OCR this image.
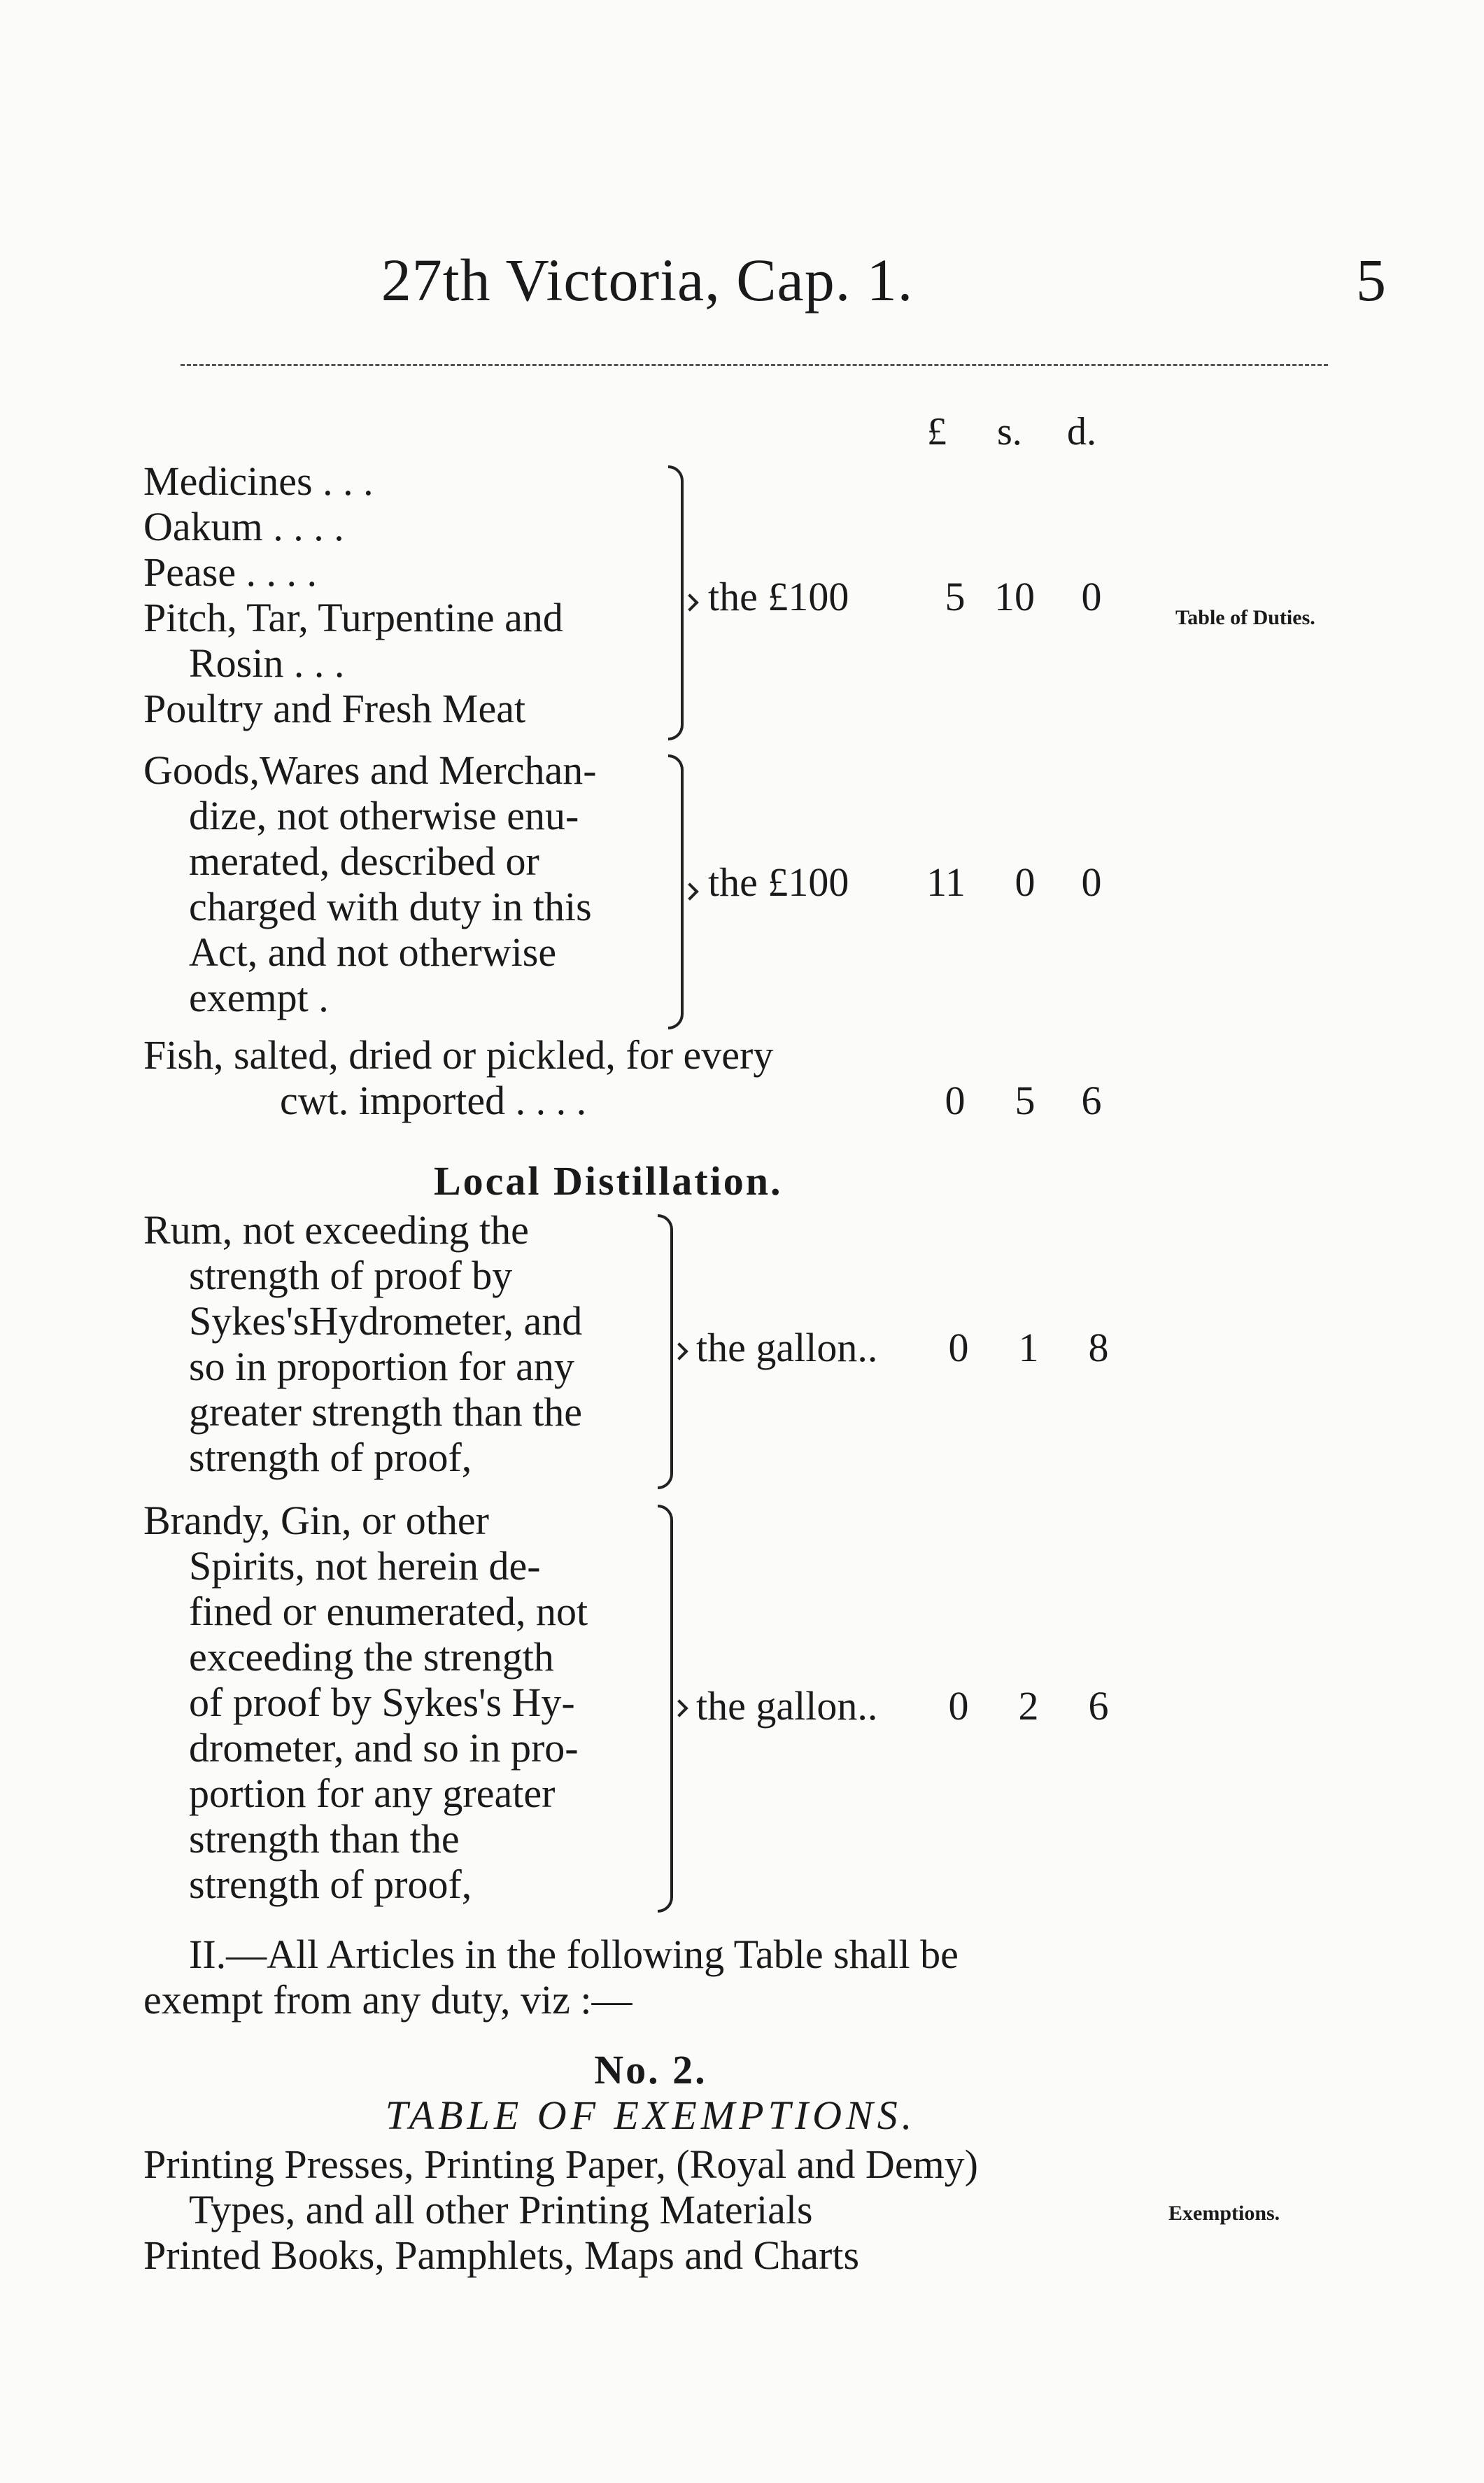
27th Victoria, Cap. 1.	5
£ s. d.
Medicines . . .
Oakum . . . .
Pease . . . .
Pitch, Tar, Turpentine and
Rosin . . .
Poultry and Fresh Meat
the £100 5 10 0	Table of Duties.
Goods,Wares and Merchan-
dize, not otherwise enu-
merated, described or
charged with duty in this
Act, and not otherwise
exempt .
the £100 11 0 0
Fish, salted, dried or pickled, for every
cwt. imported . . . .	0 5 6
Local Distillation.
Rum, not exceeding the
strength of proof by
Sykes'sHydrometer, and
so in proportion for any
greater strength than the
strength of proof,
the gallon.. 0 1 8
Brandy, Gin, or other
Spirits, not herein de-
fined or enumerated, not
exceeding the strength
of proof by Sykes's Hy-
drometer, and so in pro-
portion for any greater
strength than the
strength of proof,
the gallon.. 0 2 6
II.—All Articles in the following Table shall be
exempt from any duty, viz :—
No. 2.
TABLE OF EXEMPTIONS.
Printing Presses, Printing Paper, (Royal and Demy)
Types, and all other Printing Materials
Printed Books, Pamphlets, Maps and Charts
Exemptions.
